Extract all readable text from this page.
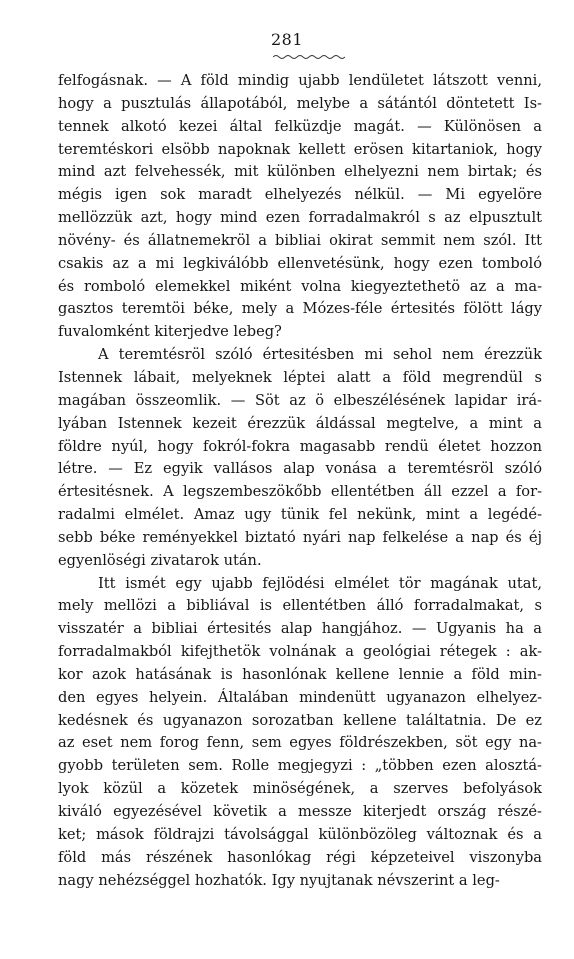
281
felfogásnak. — A föld mindig ujabb lendületet látszott venni,
hogy a pusztulás állapotából, melybe a sátántól döntetett Is-
tennek alkotó kezei által felküzdje magát. — Különösen a
teremtéskori elsöbb napoknak kellett erösen kitartaniok, hogy
mind azt felvehessék, mit különben elhelyezni nem birtak; és
mégis igen sok maradt elhelyezés nélkül. — Mi egyelöre
mellözzük azt, hogy mind ezen forradalmakról s az elpusztult
növény- és állatnemekröl a bibliai okirat semmit nem szól. Itt
csakis az a mi legkiválóbb ellenvetésünk, hogy ezen tomboló
és romboló elemekkel miként volna kiegyeztethetö az a ma-
gasztos teremtöi béke, mely a Mózes-féle értesités fölött lágy
fuvalomként kiterjedve lebeg?
A teremtésröl szóló értesitésben mi sehol nem érezzük
Istennek lábait, melyeknek léptei alatt a föld megrendül s
magában összeomlik. — Söt az ö elbeszélésének lapidar irá-
lyában Istennek kezeit érezzük áldással megtelve, a mint a
földre nyúl, hogy fokról-fokra magasabb rendü életet hozzon
létre. — Ez egyik vallásos alap vonása a teremtésröl szóló
értesitésnek. A legszembeszökőbb ellentétben áll ezzel a for-
radalmi elmélet. Amaz ugy tünik fel nekünk, mint a legédé-
sebb béke reményekkel biztató nyári nap felkelése a nap és éj
egyenlöségi zivatarok után.
Itt ismét egy ujabb fejlödési elmélet tör magának utat,
mely mellözi a bibliával is ellentétben álló forradalmakat, s
visszatér a bibliai értesités alap hangjához. — Ugyanis ha a
forradalmakból kifejthetök volnának a geológiai rétegek : ak-
kor azok hatásának is hasonlónak kellene lennie a föld min-
den egyes helyein. Általában mindenütt ugyanazon elhelyez-
kedésnek és ugyanazon sorozatban kellene találtatnia. De ez
az eset nem forog fenn, sem egyes földrészekben, söt egy na-
gyobb területen sem. Rolle megjegyzi : „többen ezen alosztá-
lyok közül a közetek minöségének, a szerves befolyások
kiváló egyezésével követik a messze kiterjedt ország részé-
ket; mások földrajzi távolsággal különbözöleg változnak és a
föld más részének hasonlókag régi képzeteivel viszonyba
nagy nehézséggel hozhatók. Igy nyujtanak névszerint a leg-
